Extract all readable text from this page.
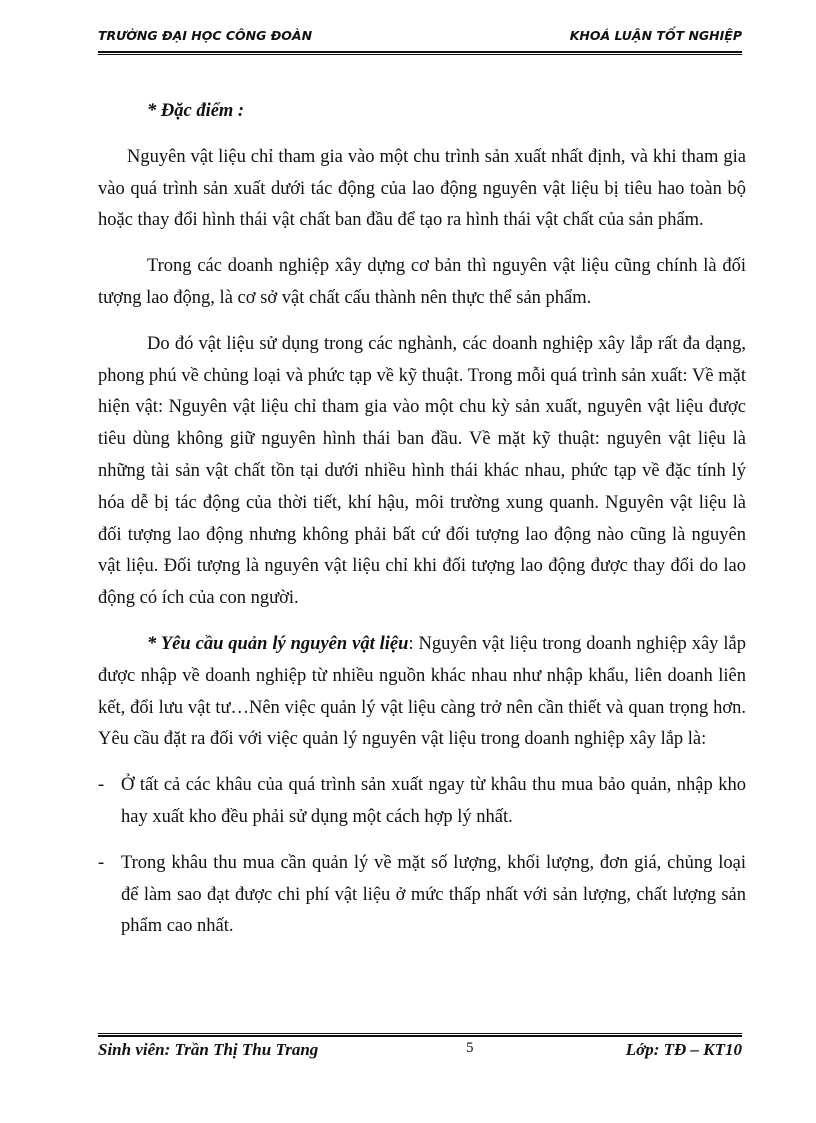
TRƯỜNG ĐẠI HỌC CÔNG ĐOÀN	KHOÁ LUẬN TỐT NGHIỆP

* Đặc điểm :

Nguyên vật liệu chỉ tham gia vào một chu trình sản xuất nhất định, và khi tham gia vào quá trình sản xuất dưới tác động của lao động nguyên vật liệu bị tiêu hao toàn bộ hoặc thay đổi hình thái vật chất ban đầu để tạo ra hình thái vật chất của sản phẩm.

Trong các doanh nghiệp xây dựng cơ bản thì nguyên vật liệu cũng chính là đối tượng lao động, là cơ sở vật chất cấu thành nên thực thể sản phẩm.

Do đó vật liệu sử dụng trong các nghành, các doanh nghiệp xây lắp rất đa dạng, phong phú về chủng loại và phức tạp về kỹ thuật. Trong mỗi quá trình sản xuất: Về mặt hiện vật: Nguyên vật liệu chỉ tham gia vào một chu kỳ sản xuất, nguyên vật liệu được tiêu dùng không giữ nguyên hình thái ban đầu. Về mặt kỹ thuật: nguyên vật liệu là những tài sản vật chất tồn tại dưới nhiều hình thái khác nhau, phức tạp về đặc tính lý hóa dễ bị tác động của thời tiết, khí hậu, môi trường xung quanh. Nguyên vật liệu là đối tượng lao động nhưng không phải bất cứ đối tượng lao động nào cũng là nguyên vật liệu. Đối tượng là nguyên vật liệu chỉ khi đối tượng lao động được thay đổi do lao động có ích của con người.

* Yêu cầu quản lý nguyên vật liệu: Nguyên vật liệu trong doanh nghiệp xây lắp được nhập về doanh nghiệp từ nhiều nguồn khác nhau như nhập khẩu, liên doanh liên kết, đổi lưu vật tư…Nên việc quản lý vật liệu càng trở nên cần thiết và quan trọng hơn. Yêu cầu đặt ra đối với việc quản lý nguyên vật liệu trong doanh nghiệp xây lắp là:

- Ở tất cả các khâu của quá trình sản xuất ngay từ khâu thu mua bảo quản, nhập kho hay xuất kho đều phải sử dụng một cách hợp lý nhất.

- Trong khâu thu mua cần quản lý về mặt số lượng, khối lượng, đơn giá, chủng loại để làm sao đạt được chi phí vật liệu ở mức thấp nhất với sản lượng, chất lượng sản phẩm cao nhất.

Sinh viên: Trần Thị Thu Trang	5	Lớp: TĐ – KT10
